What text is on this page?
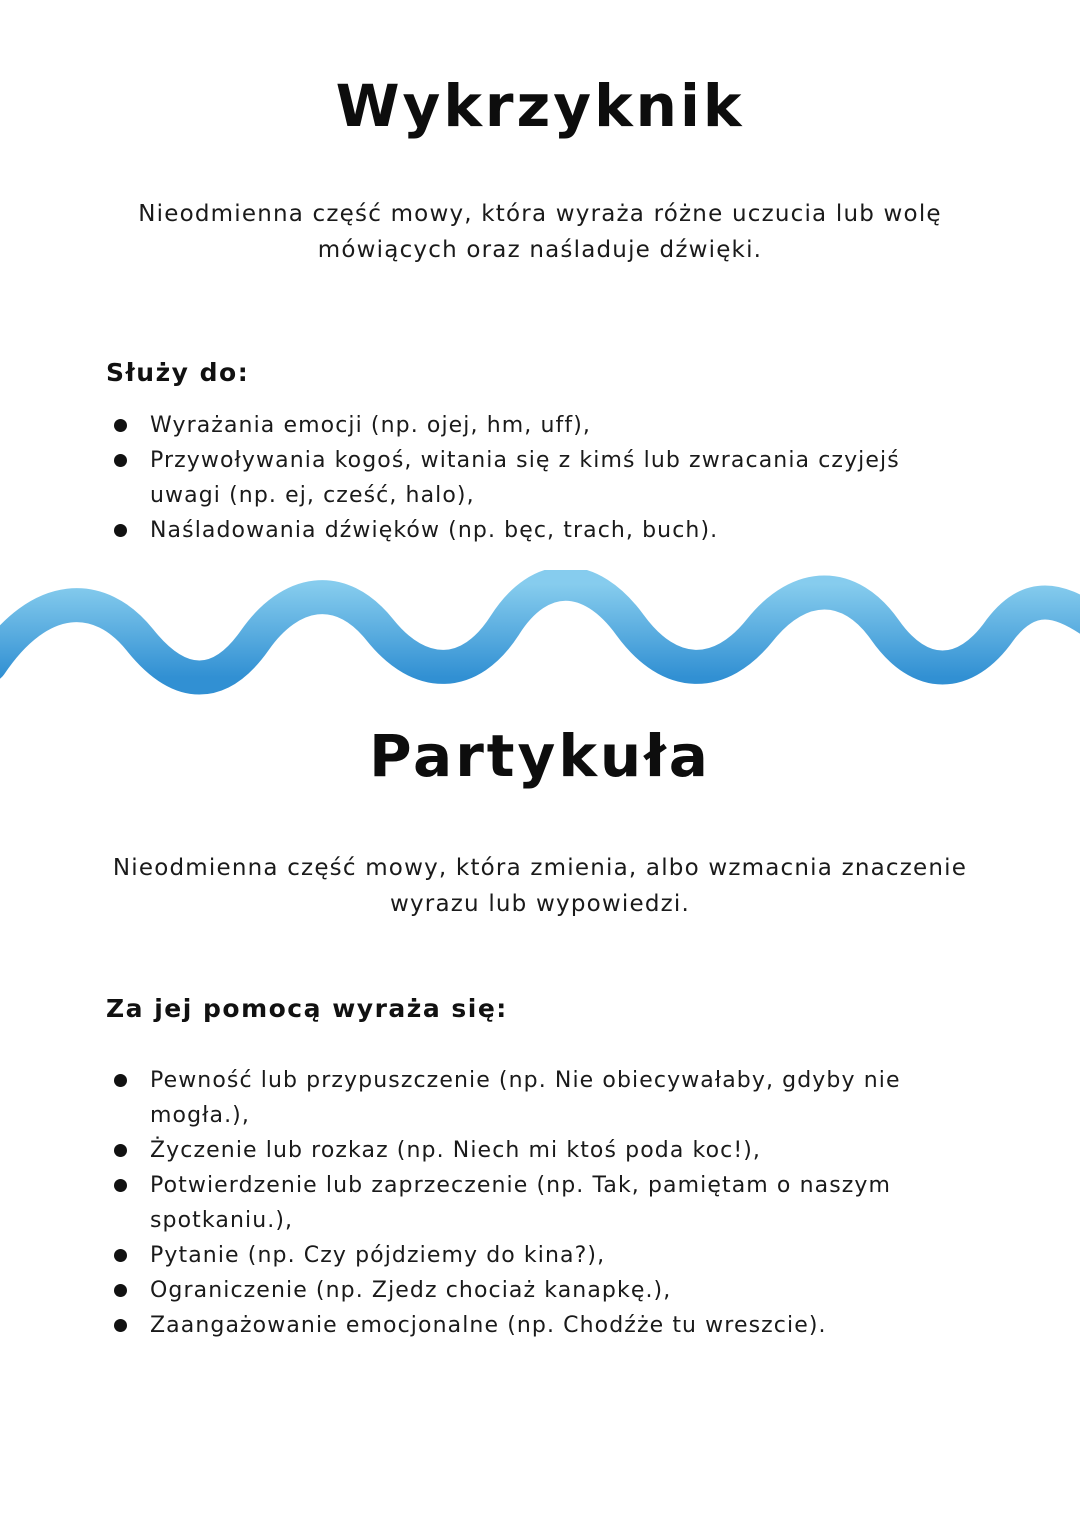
Wykrzyknik

Nieodmienna część mowy, która wyraża różne uczucia lub wolę mówiących oraz naśladuje dźwięki.

Służy do:
Wyrażania emocji (np. ojej, hm, uff),
Przywoływania kogoś, witania się z kimś lub zwracania czyjejś uwagi (np. ej, cześć, halo),
Naśladowania dźwięków (np. bęc, trach, buch).
Partykuła

Nieodmienna część mowy, która zmienia, albo wzmacnia znaczenie wyrazu lub wypowiedzi.

Za jej pomocą wyraża się:
Pewność lub przypuszczenie (np. Nie obiecywałaby, gdyby nie mogła.),
Życzenie lub rozkaz (np. Niech mi ktoś poda koc!),
Potwierdzenie lub zaprzeczenie (np. Tak, pamiętam o naszym spotkaniu.),
Pytanie (np. Czy pójdziemy do kina?),
Ograniczenie (np. Zjedz chociaż kanapkę.),
Zaangażowanie emocjonalne (np. Chodźże tu wreszcie).
